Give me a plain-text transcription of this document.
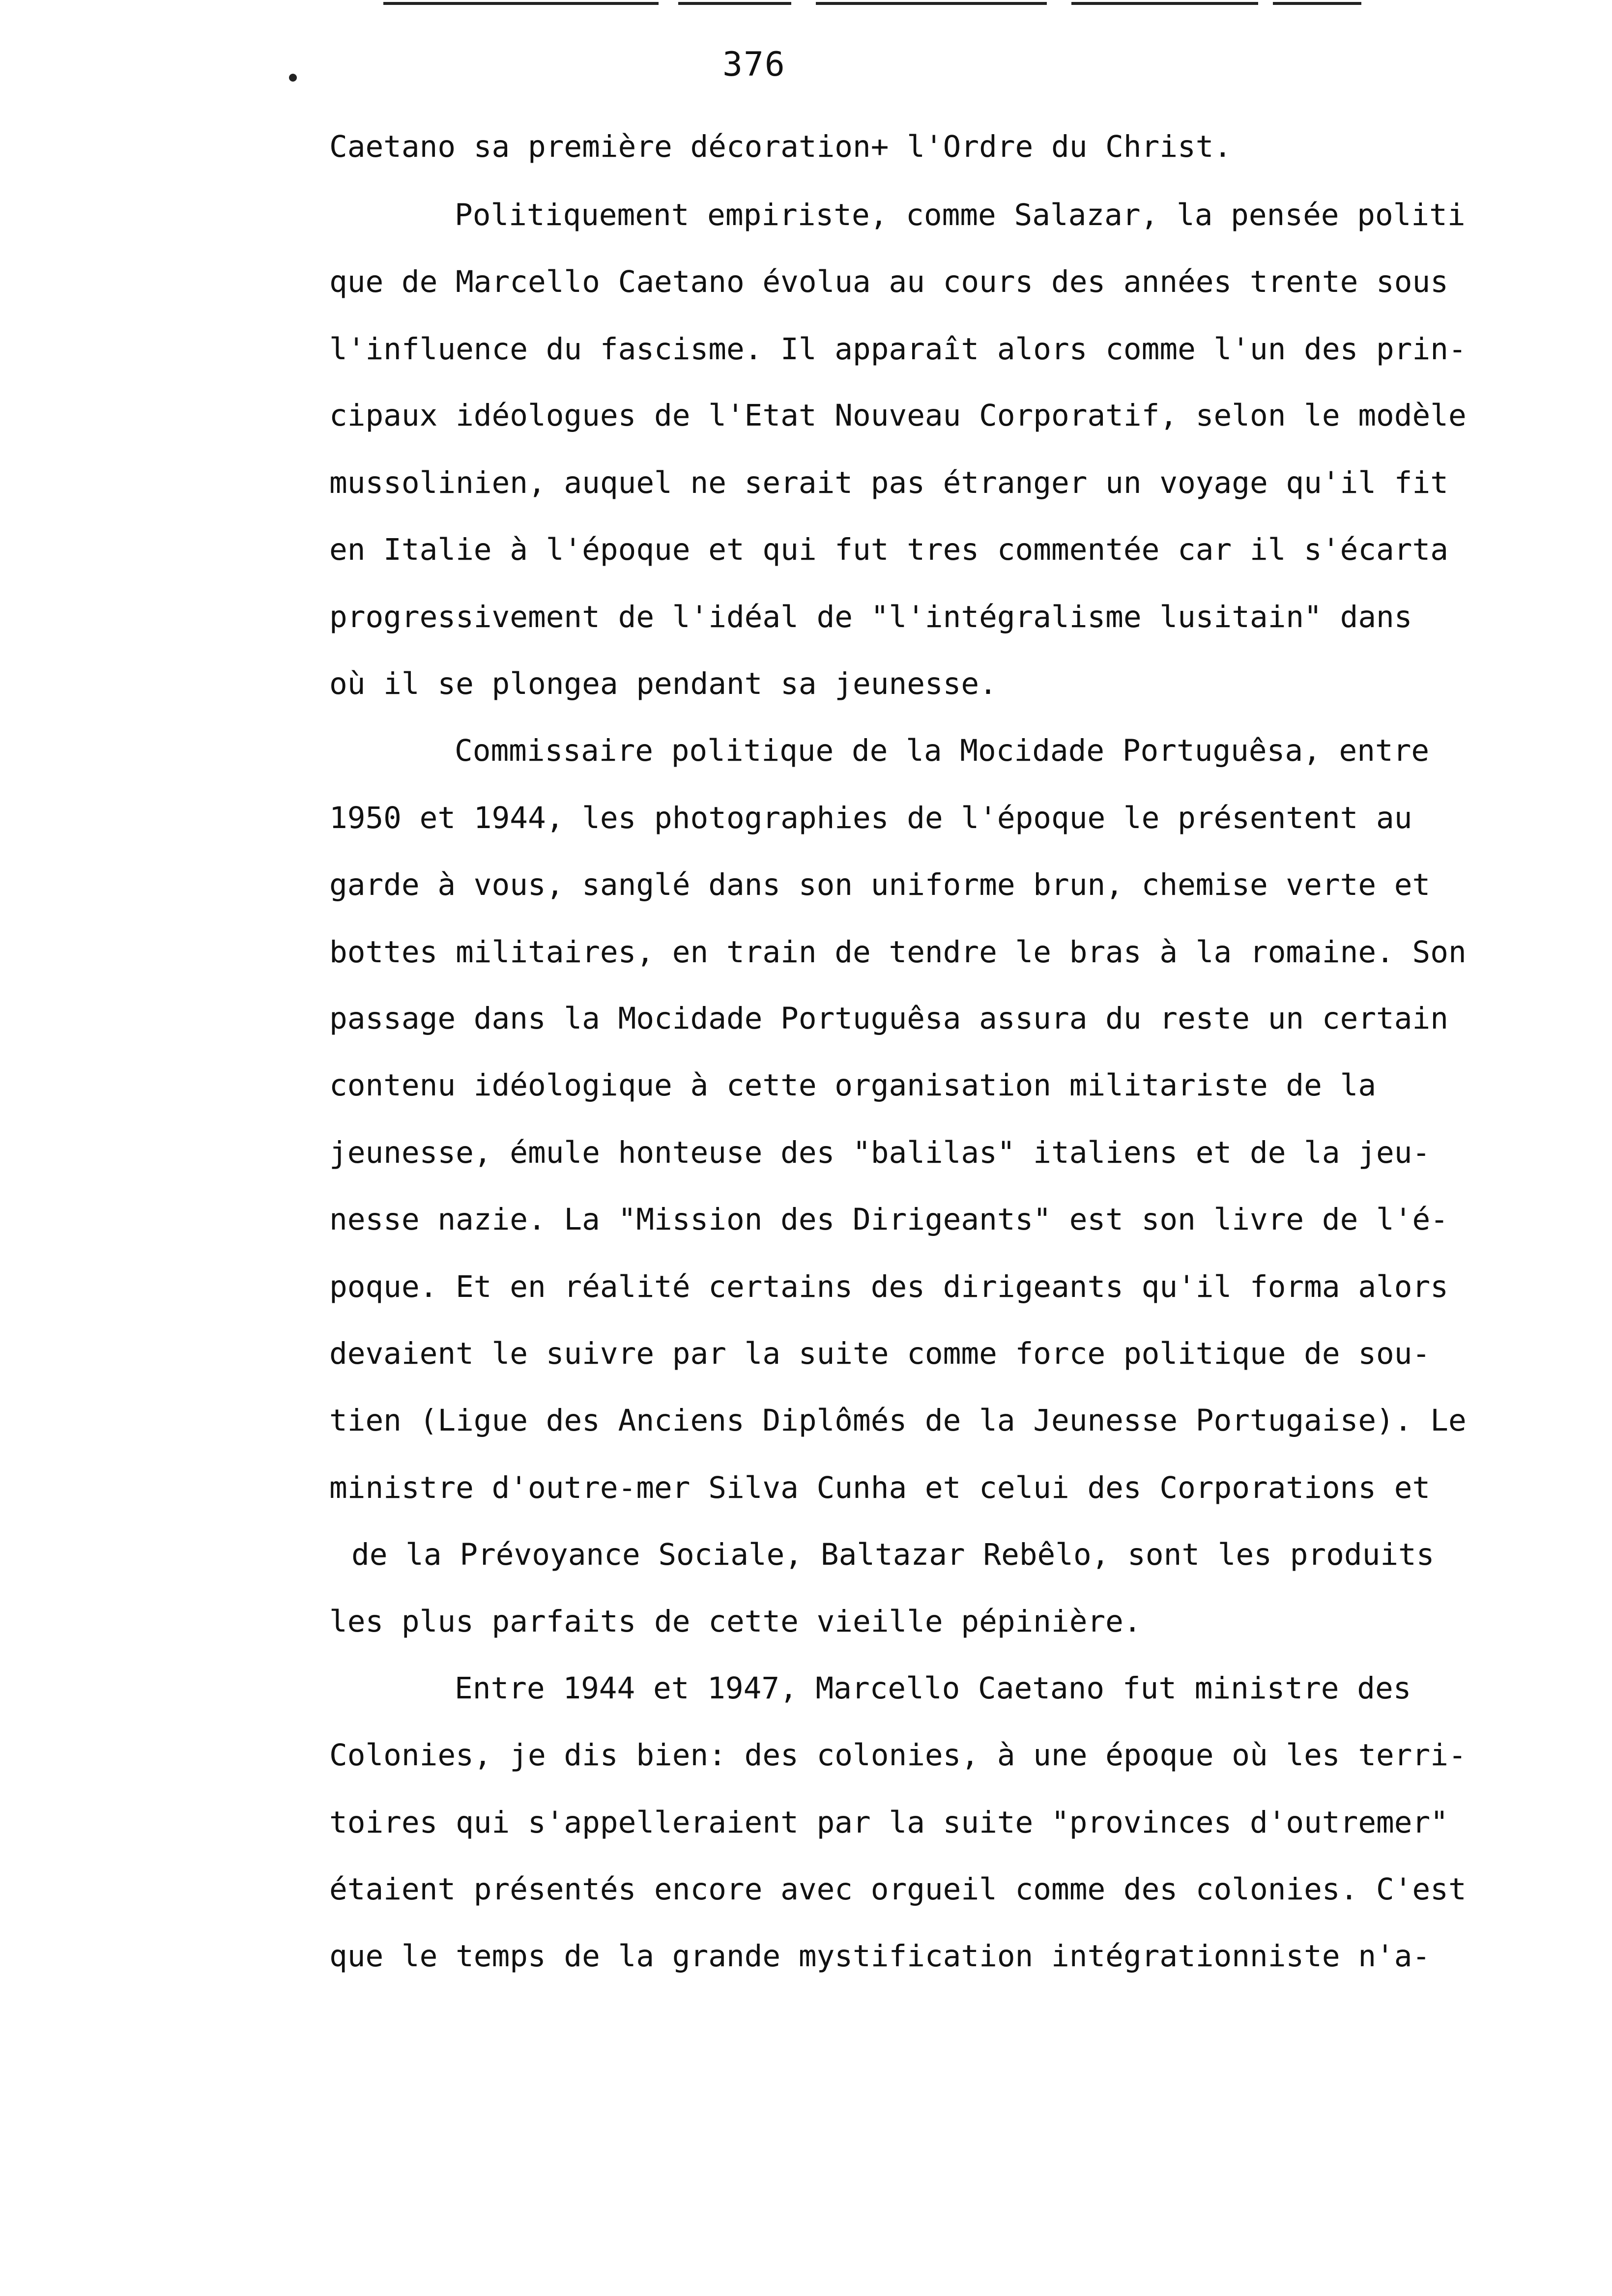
376
Caetano sa première décoration+ l'Ordre du Christ.
Politiquement empiriste, comme Salazar, la pensée politi
que de Marcello Caetano évolua au cours des années trente sous
l'influence du fascisme. Il apparaît alors comme l'un des prin-
cipaux idéologues de l'Etat Nouveau Corporatif, selon le modèle
mussolinien, auquel ne serait pas étranger un voyage qu'il fit
en Italie à l'époque et qui fut tres commentée car il s'écarta
progressivement de l'idéal de "l'intégralisme lusitain" dans
où il se plongea pendant sa jeunesse.
Commissaire politique de la Mocidade Portuguêsa, entre
1950 et 1944, les photographies de l'époque le présentent au
garde à vous, sanglé dans son uniforme brun, chemise verte et
bottes militaires, en train de tendre le bras à la romaine. Son
passage dans la Mocidade Portuguêsa assura du reste un certain
contenu idéologique à cette organisation militariste de la
jeunesse, émule honteuse des "balilas" italiens et de la jeu-
nesse nazie. La "Mission des Dirigeants" est son livre de l'é-
poque. Et en réalité certains des dirigeants qu'il forma alors
devaient le suivre par la suite comme force politique de sou-
tien (Ligue des Anciens Diplômés de la Jeunesse Portugaise). Le
ministre d'outre-mer Silva Cunha et celui des Corporations et
de la Prévoyance Sociale, Baltazar Rebêlo, sont les produits
les plus parfaits de cette vieille pépinière.
Entre 1944 et 1947, Marcello Caetano fut ministre des
Colonies, je dis bien: des colonies, à une époque où les terri-
toires qui s'appelleraient par la suite "provinces d'outremer"
étaient présentés encore avec orgueil comme des colonies. C'est
que le temps de la grande mystification intégrationniste n'a-
